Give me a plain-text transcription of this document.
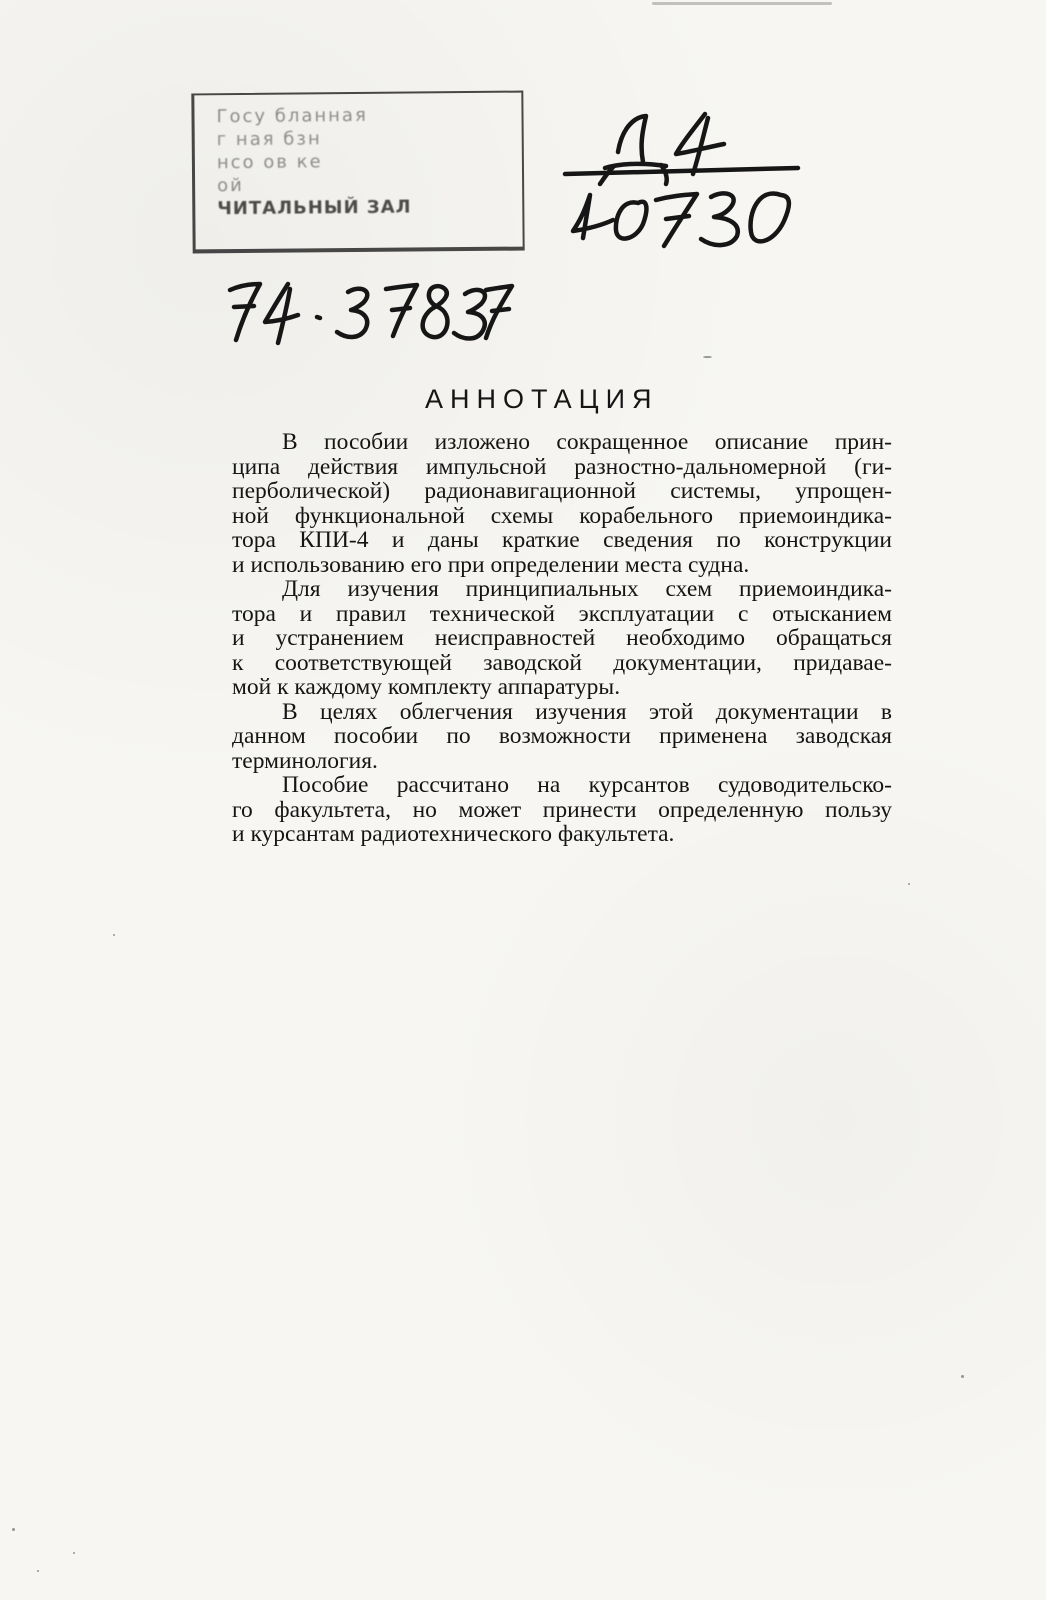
Госу бланная
г ная бзн
нсо ов ке
ой
ЧИТАЛЬНЫЙ ЗАЛ
АННОТАЦИЯ

В пособии изложено сокращенное описание прин-
ципа действия импульсной разностно-дальномерной (ги-
перболической) радионавигационной системы, упрощен-
ной функциональной схемы корабельного приемоиндика-
тора КПИ-4 и даны краткие сведения по конструкции
и использованию его при определении места судна.

Для изучения принципиальных схем приемоиндика-
тора и правил технической эксплуатации с отысканием
и устранением неисправностей необходимо обращаться
к соответствующей заводской документации, придавае-
мой к каждому комплекту аппаратуры.

В целях облегчения изучения этой документации в
данном пособии по возможности применена заводская
терминология.

Пособие рассчитано на курсантов судоводительско-
го факультета, но может принести определенную пользу
и курсантам радиотехнического факультета.
